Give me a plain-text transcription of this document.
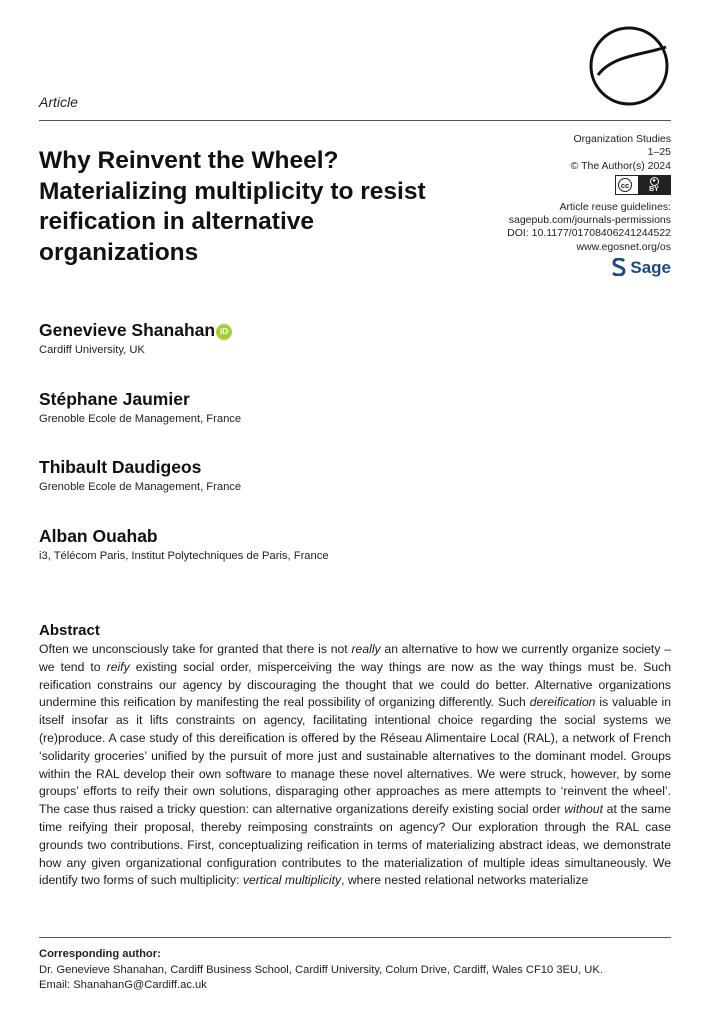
Article
Why Reinvent the Wheel? Materializing multiplicity to resist reification in alternative organizations
Organization Studies
1–25
© The Author(s) 2024
cc	●
BY
Article reuse guidelines:
sagepub.com/journals-permissions
DOI: 10.1177/01708406241244522
www.egosnet.org/os
Sage
Genevieve Shanahan iD
Cardiff University, UK
Stéphane Jaumier
Grenoble Ecole de Management, France
Thibault Daudigeos
Grenoble Ecole de Management, France
Alban Ouahab
i3, Télécom Paris, Institut Polytechniques de Paris, France
Abstract
Often we unconsciously take for granted that there is not really an alternative to how we currently organize society – we tend to reify existing social order, misperceiving the way things are now as the way things must be. Such reification constrains our agency by discouraging the thought that we could do better. Alternative organizations undermine this reification by manifesting the real possibility of organizing differently. Such dereification is valuable in itself insofar as it lifts constraints on agency, facilitating intentional choice regarding the social systems we (re)produce. A case study of this dereification is offered by the Réseau Alimentaire Local (RAL), a network of French ‘solidarity groceries’ unified by the pursuit of more just and sustainable alternatives to the dominant model. Groups within the RAL develop their own software to manage these novel alternatives. We were struck, however, by some groups’ efforts to reify their own solutions, disparaging other approaches as mere attempts to ‘reinvent the wheel’. The case thus raised a tricky question: can alternative organizations dereify existing social order without at the same time reifying their proposal, thereby reimposing constraints on agency? Our exploration through the RAL case grounds two contributions. First, conceptualizing reification in terms of materializing abstract ideas, we demonstrate how any given organizational configuration contributes to the materialization of multiple ideas simultaneously. We identify two forms of such multiplicity: vertical multiplicity, where nested relational networks materialize
Corresponding author:
Dr. Genevieve Shanahan, Cardiff Business School, Cardiff University, Colum Drive, Cardiff, Wales CF10 3EU, UK.
Email: ShanahanG@Cardiff.ac.uk
